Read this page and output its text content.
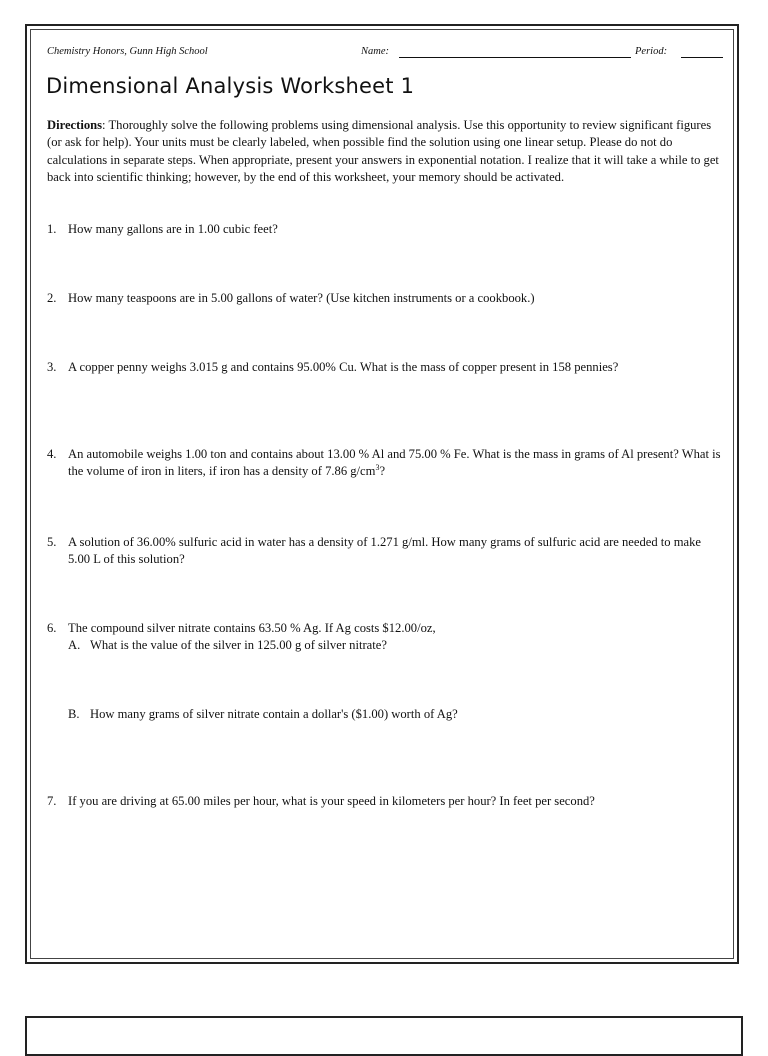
Chemistry Honors, Gunn High School	Name:	Period:
Dimensional Analysis Worksheet 1
Directions: Thoroughly solve the following problems using dimensional analysis. Use this opportunity to review significant figures (or ask for help). Your units must be clearly labeled, when possible find the solution using one linear setup. Please do not do calculations in separate steps. When appropriate, present your answers in exponential notation. I realize that it will take a while to get back into scientific thinking; however, by the end of this worksheet, your memory should be activated.
1. How many gallons are in 1.00 cubic feet?
2. How many teaspoons are in 5.00 gallons of water? (Use kitchen instruments or a cookbook.)
3. A copper penny weighs 3.015 g and contains 95.00% Cu. What is the mass of copper present in 158 pennies?
4. An automobile weighs 1.00 ton and contains about 13.00 % Al and 75.00 % Fe. What is the mass in grams of Al present? What is the volume of iron in liters, if iron has a density of 7.86 $g/cm^3$?
5. A solution of 36.00% sulfuric acid in water has a density of 1.271 g/ml. How many grams of sulfuric acid are needed to make 5.00 L of this solution?
6. The compound silver nitrate contains 63.50 % Ag. If Ag costs $12.00/oz,
A. What is the value of the silver in 125.00 g of silver nitrate?
B. How many grams of silver nitrate contain a dollar's ($1.00) worth of Ag?
7. If you are driving at 65.00 miles per hour, what is your speed in kilometers per hour? In feet per second?
